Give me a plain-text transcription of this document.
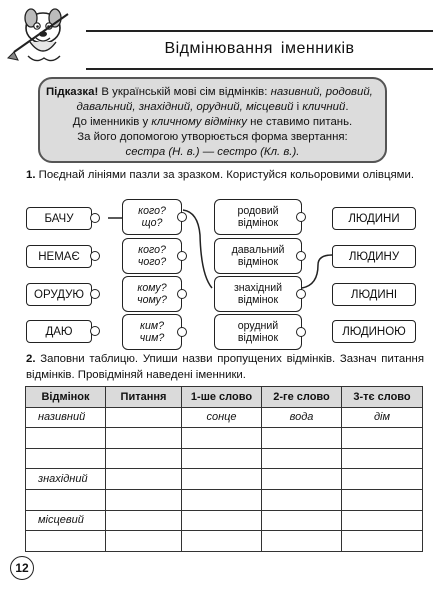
Відмінювання іменників
Підказка! В українській мові сім відмінків: називний, родовий,
давальний, знахідний, орудний, місцевий і кличний.
До іменників у кличному відмінку не ставимо питань.
За його допомогою утворюється форма звертання:
сестра (Н. в.) — сестро (Кл. в.).
1. Поєднай лініями пазли за зразком. Користуйся кольоровими олівцями.
БАЧУ
НЕМАЄ
ОРУДУЮ
ДАЮ
кого?
що?
кого?
чого?
кому?
чому?
ким?
чим?
родовий
відмінок
давальний
відмінок
знахідний
відмінок
орудний
відмінок
ЛЮДИНИ
ЛЮДИНУ
ЛЮДИНІ
ЛЮДИНОЮ
2. Заповни таблицю. Упиши назви пропущених відмінків. Зазнач питання відмінків. Провідміняй наведені іменники.
Відмінок	Питання	1-ше слово	2-ге слово	3-тє слово
називний		сонце	вода	дім

знахідний				

місцевий				

12
